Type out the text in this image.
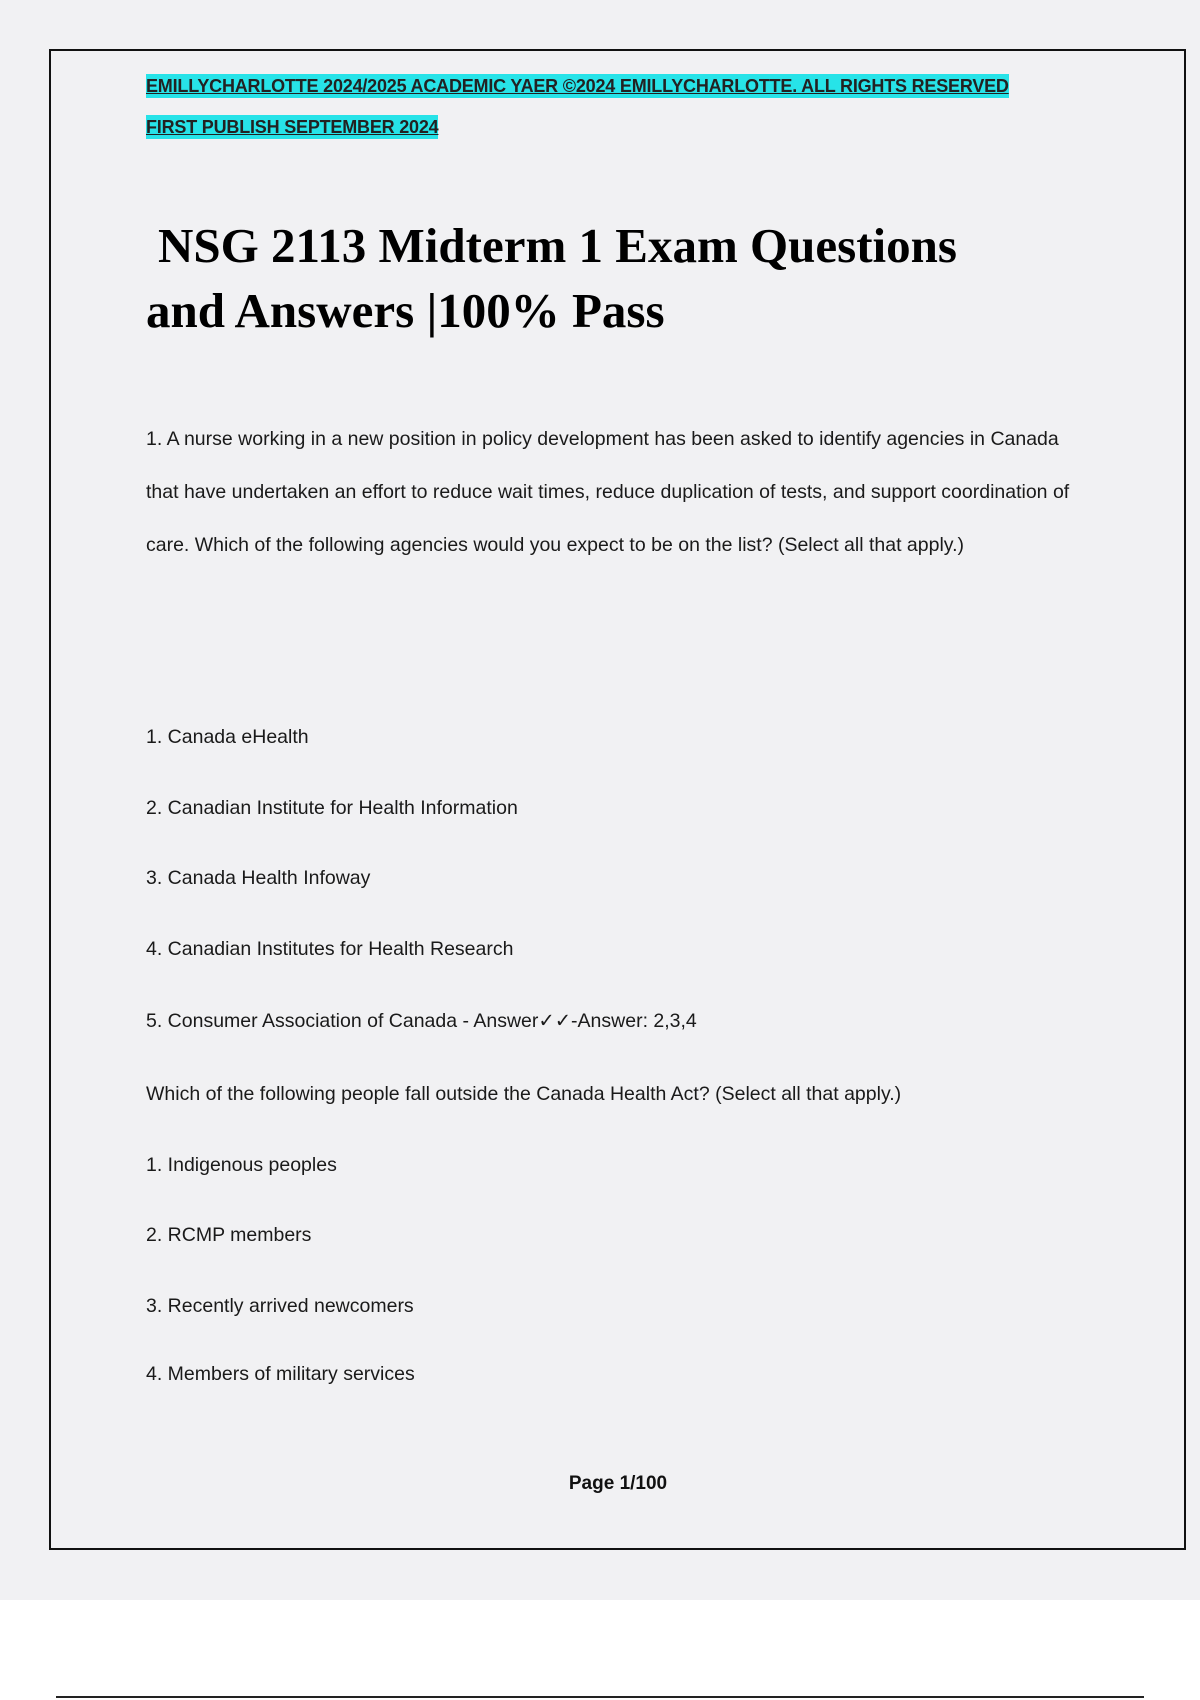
EMILLYCHARLOTTE 2024/2025 ACADEMIC YAER ©2024 EMILLYCHARLOTTE. ALL RIGHTS RESERVED
FIRST PUBLISH SEPTEMBER 2024
NSG 2113 Midterm 1 Exam Questions
and Answers |100% Pass

1. A nurse working in a new position in policy development has been asked to identify agencies in Canada that have undertaken an effort to reduce wait times, reduce duplication of tests, and support coordination of care. Which of the following agencies would you expect to be on the list? (Select all that apply.)

1. Canada eHealth
2. Canadian Institute for Health Information
3. Canada Health Infoway
4. Canadian Institutes for Health Research
5. Consumer Association of Canada - Answer✓✓-Answer: 2,3,4
Which of the following people fall outside the Canada Health Act? (Select all that apply.)
1. Indigenous peoples
2. RCMP members
3. Recently arrived newcomers
4. Members of military services
Page 1/100
